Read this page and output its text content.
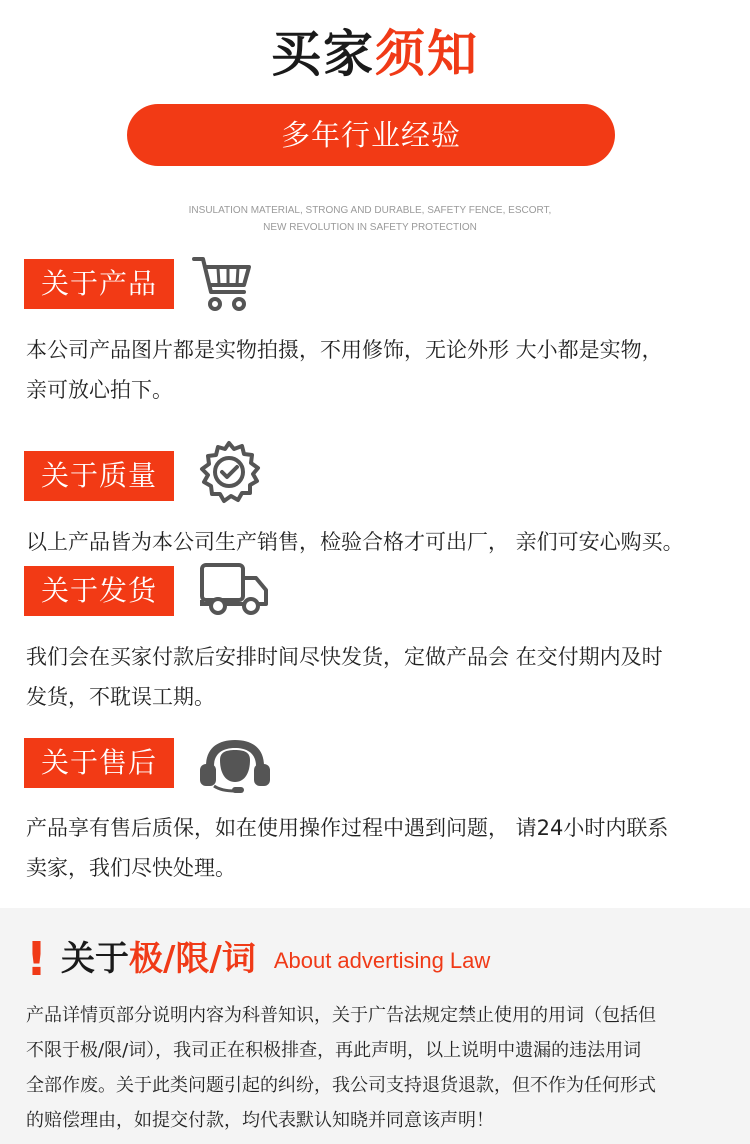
买家须知
多年行业经验
INSULATION MATERIAL, STRONG AND DURABLE, SAFETY FENCE, ESCORT,
NEW REVOLUTION IN SAFETY PROTECTION
关于产品
本公司产品图片都是实物拍摄，不用修饰，无论外形 大小都是实物，
亲可放心拍下。
关于质量
以上产品皆为本公司生产销售，检验合格才可出厂， 亲们可安心购买。
关于发货
我们会在买家付款后安排时间尽快发货，定做产品会 在交付期内及时
发货，不耽误工期。
关于售后
产品享有售后质保，如在使用操作过程中遇到问题， 请24小时内联系
卖家，我们尽快处理。
! 关于 极/限/词 About advertising Law
产品详情页部分说明内容为科普知识，关于广告法规定禁止使用的用词（包括但
不限于极/限/词），我司正在积极排查，再此声明，以上说明中遗漏的违法用词
全部作废。关于此类问题引起的纠纷，我公司支持退货退款，但不作为任何形式
的赔偿理由，如提交付款，均代表默认知晓并同意该声明！
